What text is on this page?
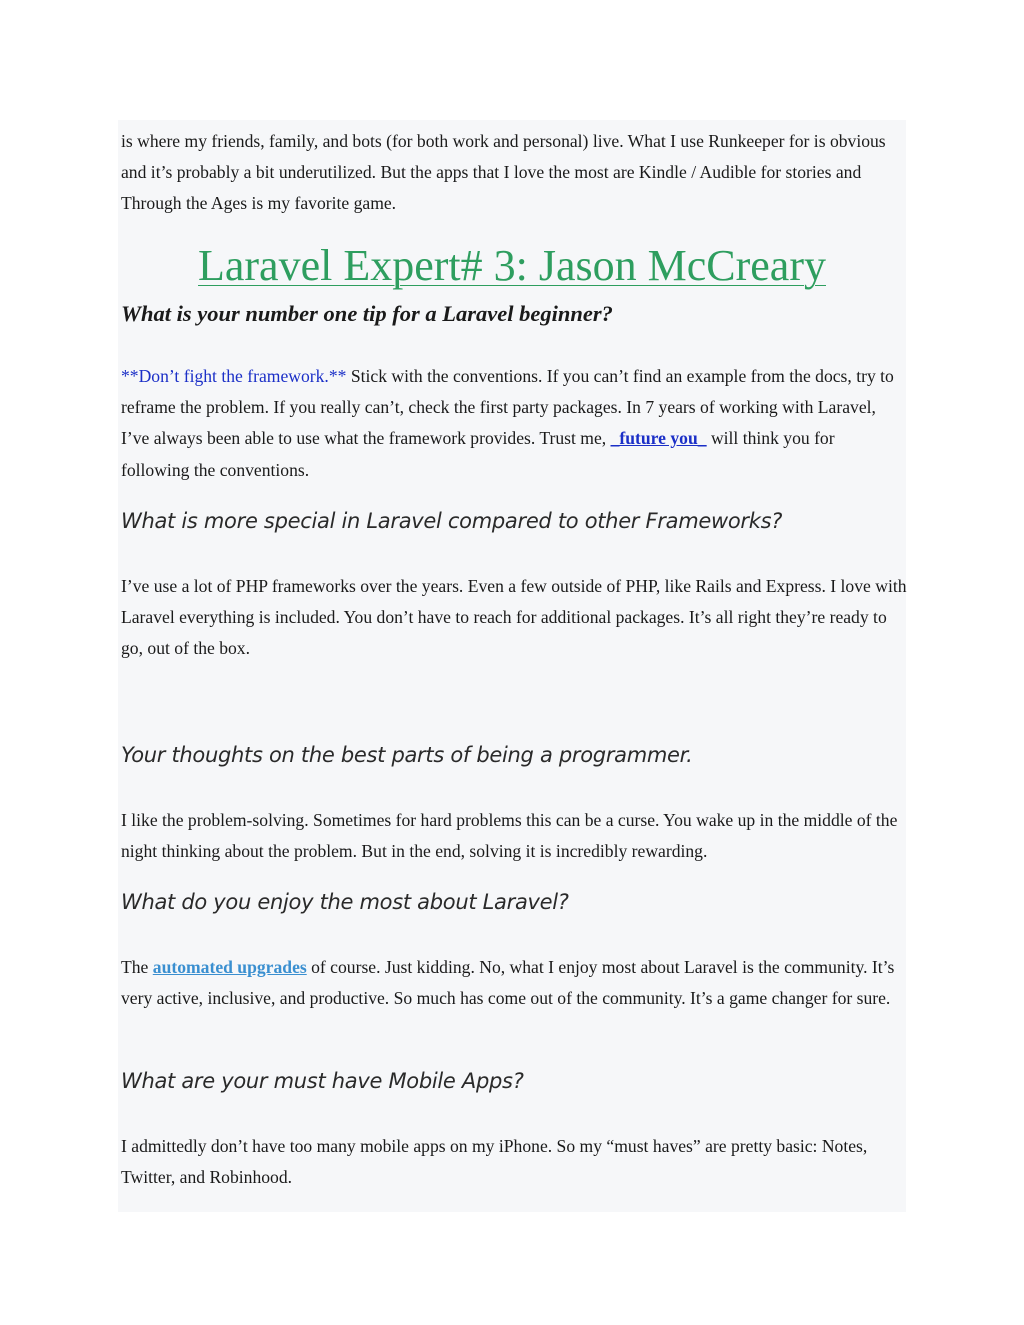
is where my friends, family, and bots (for both work and personal) live. What I use Runkeeper for is obvious and it’s probably a bit underutilized. But the apps that I love the most are Kindle / Audible for stories and Through the Ages is my favorite game.

Laravel Expert# 3: Jason McCreary
What is your number one tip for a Laravel beginner?

**Don’t fight the framework.** Stick with the conventions. If you can’t find an example from the docs, try to reframe the problem. If you really can’t, check the first party packages. In 7 years of working with Laravel, I’ve always been able to use what the framework provides. Trust me, _future you_ will think you for following the conventions.

What is more special in Laravel compared to other Frameworks?

I’ve use a lot of PHP frameworks over the years. Even a few outside of PHP, like Rails and Express. I love with Laravel everything is included. You don’t have to reach for additional packages. It’s all right they’re ready to go, out of the box.

Your thoughts on the best parts of being a programmer.

I like the problem-solving. Sometimes for hard problems this can be a curse. You wake up in the middle of the night thinking about the problem. But in the end, solving it is incredibly rewarding.

What do you enjoy the most about Laravel?

The automated upgrades of course. Just kidding. No, what I enjoy most about Laravel is the community. It’s very active, inclusive, and productive. So much has come out of the community. It’s a game changer for sure.

What are your must have Mobile Apps?

I admittedly don’t have too many mobile apps on my iPhone. So my “must haves” are pretty basic: Notes, Twitter, and Robinhood.
